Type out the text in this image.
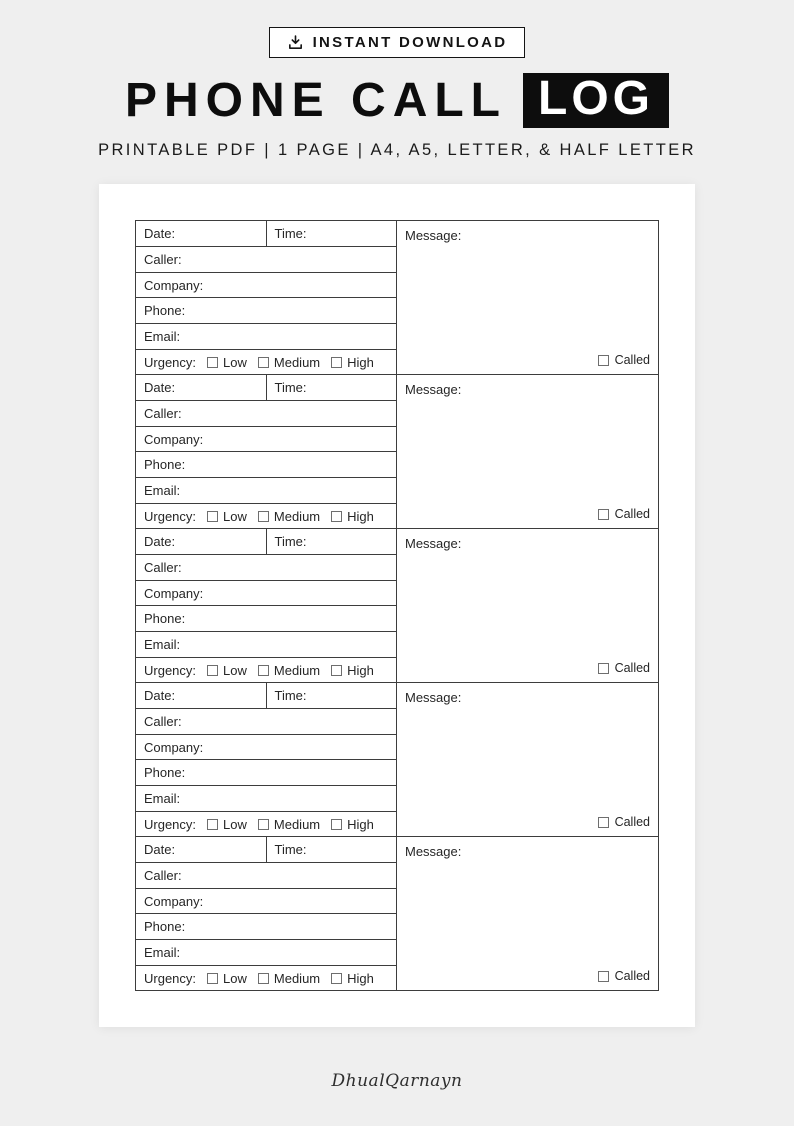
INSTANT DOWNLOAD
PHONE CALL LOG
PRINTABLE PDF | 1 PAGE | A4, A5, LETTER, & HALF LETTER
Date:	Time:
Caller:
Company:
Phone:
Email:
Urgency: Low Medium High
Message:
Called
Date:	Time:
Caller:
Company:
Phone:
Email:
Urgency: Low Medium High
Message:
Called
Date:	Time:
Caller:
Company:
Phone:
Email:
Urgency: Low Medium High
Message:
Called
Date:	Time:
Caller:
Company:
Phone:
Email:
Urgency: Low Medium High
Message:
Called
Date:	Time:
Caller:
Company:
Phone:
Email:
Urgency: Low Medium High
Message:
Called
DhualQarnayn
